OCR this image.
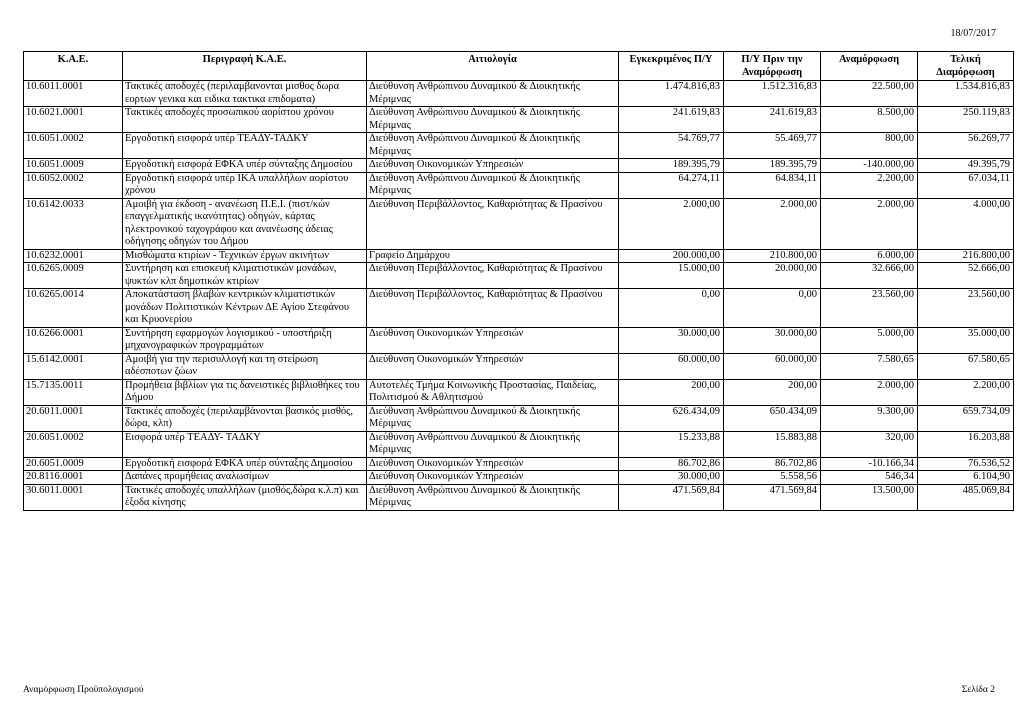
18/07/2017
Κ.Α.Ε.	Περιγραφή Κ.Α.Ε.	Αιτιολογία	Εγκεκριμένος Π/Υ	Π/Υ Πριν την Αναμόρφωση	Αναμόρφωση	Τελική Διαμόρφωση
10.6011.0001	Τακτικές αποδοχές (περιλαμβανονται μισθος δωρα εορτων γενικα και ειδικα τακτικα επιδοματα)	Διεύθυνση Ανθρώπινου Δυναμικού & Διοικητικής Μέριμνας	1.474.816,83	1.512.316,83	22.500,00	1.534.816,83
10.6021.0001	Τακτικές αποδοχές προσωπικού αορίστου χρόνου	Διεύθυνση Ανθρώπινου Δυναμικού & Διοικητικής Μέριμνας	241.619,83	241.619,83	8.500,00	250.119,83
10.6051.0002	Εργοδοτική εισφορά υπέρ ΤΕΑΔΥ-ΤΑΔΚΥ	Διεύθυνση Ανθρώπινου Δυναμικού & Διοικητικής Μέριμνας	54.769,77	55.469,77	800,00	56.269,77
10.6051.0009	Εργοδοτική εισφορά ΕΦΚΑ υπέρ σύνταξης Δημοσίου	Διεύθυνση Οικονομικών Υπηρεσιών	189.395,79	189.395,79	-140.000,00	49.395,79
10.6052.0002	Εργοδοτική εισφορά υπέρ ΙΚΑ υπαλλήλων αορίστου χρόνου	Διεύθυνση Ανθρώπινου Δυναμικού & Διοικητικής Μέριμνας	64.274,11	64.834,11	2.200,00	67.034,11
10.6142.0033	Αμοιβή για έκδοση - ανανέωση Π.Ε.Ι. (πιστ/κών επαγγελματικής ικανότητας) οδηγών, κάρτας ηλεκτρονικού ταχογράφου και ανανέωσης άδειας οδήγησης οδηγών του Δήμου	Διεύθυνση Περιβάλλοντος, Καθαριότητας & Πρασίνου	2.000,00	2.000,00	2.000,00	4.000,00
10.6232.0001	Μισθώματα κτιρίων - Τεχνικών έργων ακινήτων	Γραφείο Δημάρχου	200.000,00	210.800,00	6.000,00	216.800,00
10.6265.0009	Συντήρηση και επισκευή κλιματιστικών μονάδων, ψυκτών κλπ δημοτικών κτιρίων	Διεύθυνση Περιβάλλοντος, Καθαριότητας & Πρασίνου	15.000,00	20.000,00	32.666,00	52.666,00
10.6265.0014	Αποκατάσταση βλαβών κεντρικών κλιματιστικών μονάδων Πολιτιστικών Κέντρων ΔΕ Αγίου Στεφάνου και Κρυονερίου	Διεύθυνση Περιβάλλοντος, Καθαριότητας & Πρασίνου	0,00	0,00	23.560,00	23.560,00
10.6266.0001	Συντήρηση εφαρμογών λογισμικού - υποστήριξη μηχανογραφικών προγραμμάτων	Διεύθυνση Οικονομικών Υπηρεσιών	30.000,00	30.000,00	5.000,00	35.000,00
15.6142.0001	Αμοιβή για την περισυλλογή και τη στείρωση αδέσποτων ζώων	Διεύθυνση Οικονομικών Υπηρεσιών	60.000,00	60.000,00	7.580,65	67.580,65
15.7135.0011	Προμήθεια βιβλίων για τις δανειστικές βιβλιοθήκες του Δήμου	Αυτοτελές Τμήμα Κοινωνικής Προστασίας, Παιδείας, Πολιτισμού & Αθλητισμού	200,00	200,00	2.000,00	2.200,00
20.6011.0001	Τακτικές αποδοχές (περιλαμβάνονται βασικός μισθός, δώρα, κλπ)	Διεύθυνση Ανθρώπινου Δυναμικού & Διοικητικής Μέριμνας	626.434,09	650.434,09	9.300,00	659.734,09
20.6051.0002	Εισφορά υπέρ ΤΕΑΔΥ- ΤΑΔΚΥ	Διεύθυνση Ανθρώπινου Δυναμικού & Διοικητικής Μέριμνας	15.233,88	15.883,88	320,00	16.203,88
20.6051.0009	Εργοδοτική εισφορά ΕΦΚΑ υπέρ σύνταξης Δημοσίου	Διεύθυνση Οικονομικών Υπηρεσιών	86.702,86	86.702,86	-10.166,34	76.536,52
20.8116.0001	Δαπάνες προμήθειας αναλωσίμων	Διεύθυνση Οικονομικών Υπηρεσιών	30.000,00	5.558,56	546,34	6.104,90
30.6011.0001	Τακτικές αποδοχές υπαλλήλων (μισθός,δώρα κ.λ.π) και έξοδα κίνησης	Διεύθυνση Ανθρώπινου Δυναμικού & Διοικητικής Μέριμνας	471.569,84	471.569,84	13.500,00	485.069,84
Αναμόρφωση Προϋπολογισμού	Σελίδα 2
